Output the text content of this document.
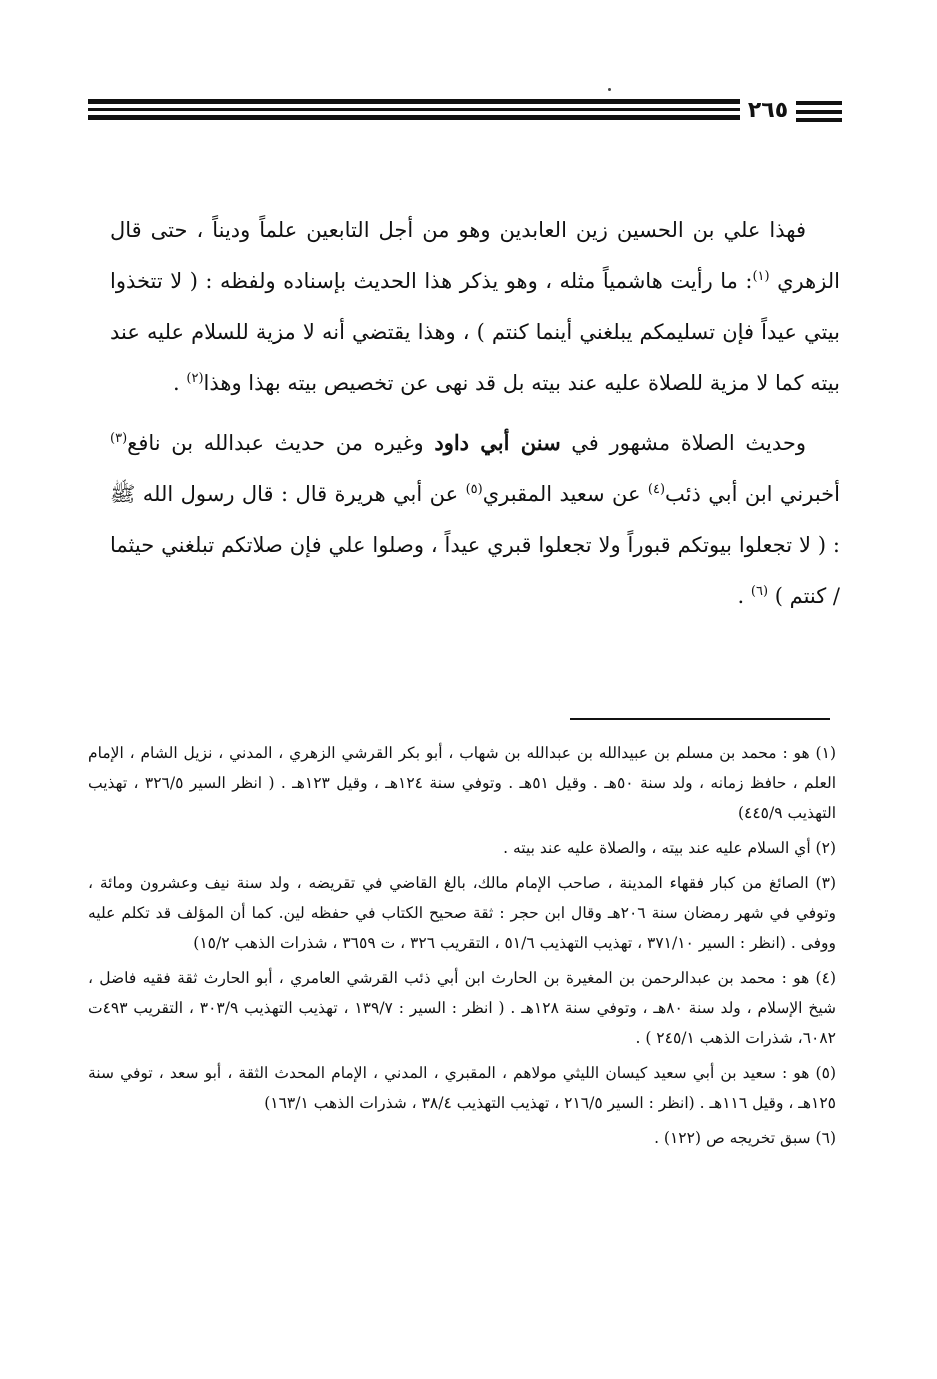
٢٦٥

فهذا علي بن الحسين زين العابدين وهو من أجل التابعين علماً وديناً ، حتى قال الزهري $^{(١)}$: ما رأيت هاشمياً مثله ، وهو يذكر هذا الحديث بإسناده ولفظه : ( لا تتخذوا بيتي عيداً فإن تسليمكم يبلغني أينما كنتم ) ، وهذا يقتضي أنه لا مزية للسلام عليه عند بيته كما لا مزية للصلاة عليه عند بيته بل قد نهى عن تخصيص بيته بهذا وهذا$^{(٢)}$ .

وحديث الصلاة مشهور في سنن أبي داود وغيره من حديث عبدالله بن نافع$^{(٣)}$ أخبرني ابن أبي ذئب$^{(٤)}$ عن سعيد المقبري$^{(٥)}$ عن أبي هريرة قال : قال رسول الله ﷺ : ( لا تجعلوا بيوتكم قبوراً ولا تجعلوا قبري عيداً ، وصلوا علي فإن صلاتكم تبلغني حيثما / كنتم ) $^{(٦)}$ .

(١) هو : محمد بن مسلم بن عبيدالله بن عبدالله بن شهاب ، أبو بكر القرشي الزهري ، المدني ، نزيل الشام ، الإمام العلم ، حافظ زمانه ، ولد سنة ٥٠هـ . وقيل ٥١هـ . وتوفي سنة ١٢٤هـ ، وقيل ١٢٣هـ . ( انظر السير ٣٢٦/٥ ، تهذيب التهذيب ٤٤٥/٩)

(٢) أي السلام عليه عند بيته ، والصلاة عليه عند بيته .

(٣) الصائغ من كبار فقهاء المدينة ، صاحب الإمام مالك، بالغ القاضي في تقريضه ، ولد سنة نيف وعشرون ومائة ، وتوفي في شهر رمضان سنة ٢٠٦هـ وقال ابن حجر : ثقة صحيح الكتاب في حفظه لين. كما أن المؤلف قد تكلم عليه ووفى . (انظر : السير ٣٧١/١٠ ، تهذيب التهذيب ٥١/٦ ، التقريب ٣٢٦ ، ت ٣٦٥٩ ، شذرات الذهب ١٥/٢)

(٤) هو : محمد بن عبدالرحمن بن المغيرة بن الحارث ابن أبي ذئب القرشي العامري ، أبو الحارث ثقة فقيه فاضل ، شيخ الإسلام ، ولد سنة ٨٠هـ ، وتوفي سنة ١٢٨هـ . ( انظر : السير : ١٣٩/٧ ، تهذيب التهذيب ٣٠٣/٩ ، التقريب ٤٩٣ت ٦٠٨٢، شذرات الذهب ٢٤٥/١ ) .

(٥) هو : سعيد بن أبي سعيد كيسان الليثي مولاهم ، المقبري ، المدني ، الإمام المحدث الثقة ، أبو سعد ، توفي سنة ١٢٥هـ ، وقيل ١١٦هـ . (انظر : السير ٢١٦/٥ ، تهذيب التهذيب ٣٨/٤ ، شذرات الذهب ١٦٣/١)

(٦) سبق تخريجه ص (١٢٢) .
